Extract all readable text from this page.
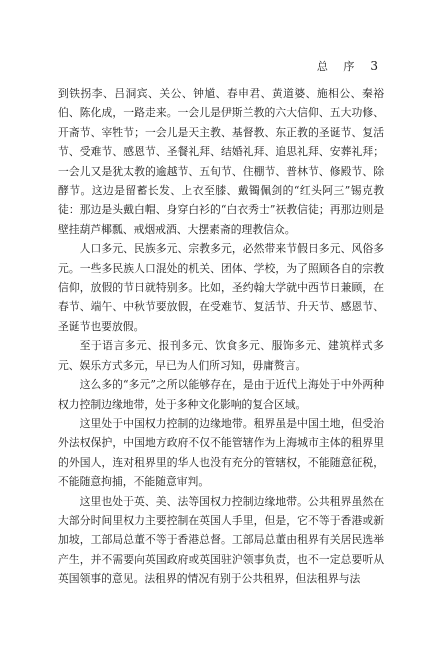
总 序 3

到铁拐李、吕洞宾、关公、钟馗、春申君、黄道婆、施相公、秦裕伯、陈化成，一路走来。一会儿是伊斯兰教的六大信仰、五大功修、开斋节、宰牲节；一会儿是天主教、基督教、东正教的圣诞节、复活节、受难节、感恩节、圣餐礼拜、结婚礼拜、追思礼拜、安葬礼拜；一会儿又是犹太教的逾越节、五旬节、住棚节、普林节、修殿节、除酵节。这边是留蓄长发、上衣至膝、戴镯佩剑的“红头阿三”锡克教徒：那边是头戴白帽、身穿白衫的“白衣秀士”祆教信徒；再那边则是壁挂葫芦椰瓢、戒烟戒酒、大摆素斋的理教信众。

人口多元、民族多元、宗教多元，必然带来节假日多元、风俗多元。一些多民族人口混处的机关、团体、学校，为了照顾各自的宗教信仰，放假的节日就特别多。比如，圣约翰大学就中西节日兼顾，在春节、端午、中秋节要放假，在受难节、复活节、升天节、感恩节、圣诞节也要放假。

至于语言多元、报刊多元、饮食多元、服饰多元、建筑样式多元、娱乐方式多元，早已为人们所习知，毋庸赘言。

这么多的“多元”之所以能够存在，是由于近代上海处于中外两种权力控制边缘地带，处于多种文化影响的复合区域。

这里处于中国权力控制的边缘地带。租界虽是中国土地，但受治外法权保护，中国地方政府不仅不能管辖作为上海城市主体的租界里的外国人，连对租界里的华人也没有充分的管辖权，不能随意征税，不能随意拘捕，不能随意审判。

这里也处于英、美、法等国权力控制边缘地带。公共租界虽然在大部分时间里权力主要控制在英国人手里，但是，它不等于香港或新加坡，工部局总董不等于香港总督。工部局总董由租界有关居民选举产生，并不需要向英国政府或英国驻沪领事负责，也不一定总要听从英国领事的意见。法租界的情况有别于公共租界，但法租界与法
